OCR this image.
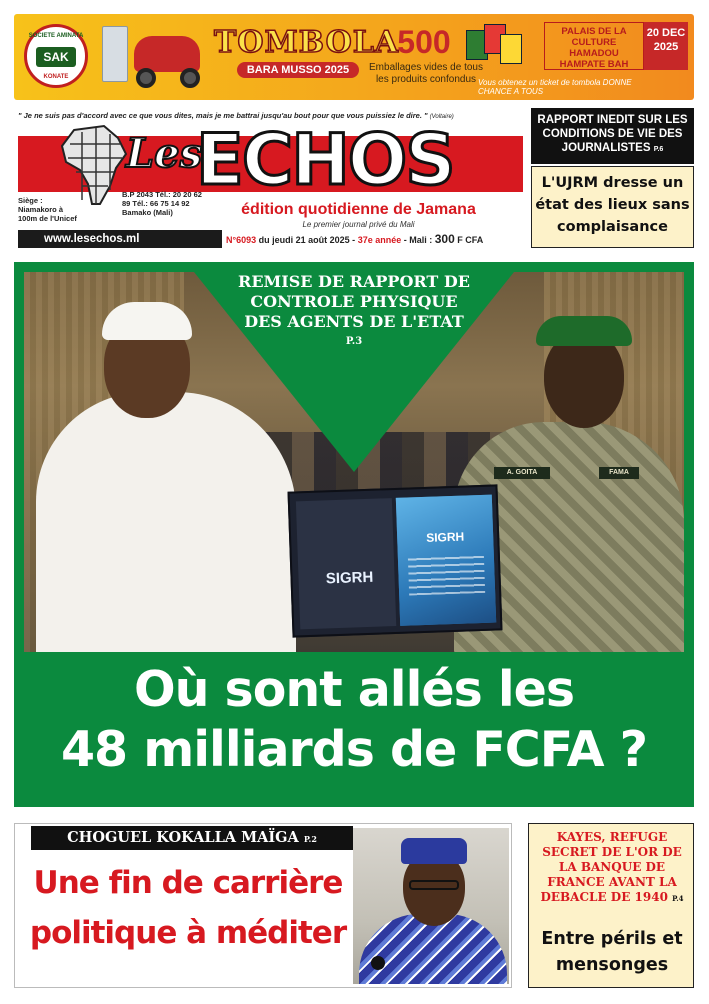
SOCIETE AMINATA
SAK
KONATE
TOMBOLA
BARA MUSSO 2025
500
Emballages vides de tous les produits confondus Vous obtenez un ticket de tombola DONNE CHANCE A TOUS
PALAIS DE LA CULTURE HAMADOU HAMPATE BAH
20 DEC 2025
" Je ne suis pas d'accord avec ce que vous dites, mais je me battrai jusqu'au bout pour que vous puissiez le dire. " (Voltaire)
Les
ECHOS
édition quotidienne de Jamana
Le premier journal privé du Mali
Siège : Niamakoro à 100m de l'Unicef
B.P 2043 Tél.: 20 20 62 89 Tél.: 66 75 14 92 Bamako (Mali)
www.lesechos.ml	N°6093 du jeudi 21 août 2025 - 37e année - Mali : 300 F CFA
RAPPORT INEDIT SUR LES CONDITIONS DE VIE DES JOURNALISTES P.6
L'UJRM dresse un état des lieux sans complaisance
A. GOITA	FAMA
SIGRH
SIGRH
REMISE DE RAPPORT DE CONTROLE PHYSIQUE DES AGENTS DE L'ETAT
P.3
Où sont allés les
48 milliards de FCFA ?
CHOGUEL KOKALLA MAÏGA P.2
Une fin de carrière
politique à méditer
KAYES, REFUGE SECRET DE L'OR DE LA BANQUE DE FRANCE AVANT LA DEBACLE DE 1940 P.4
Entre périls et mensonges
